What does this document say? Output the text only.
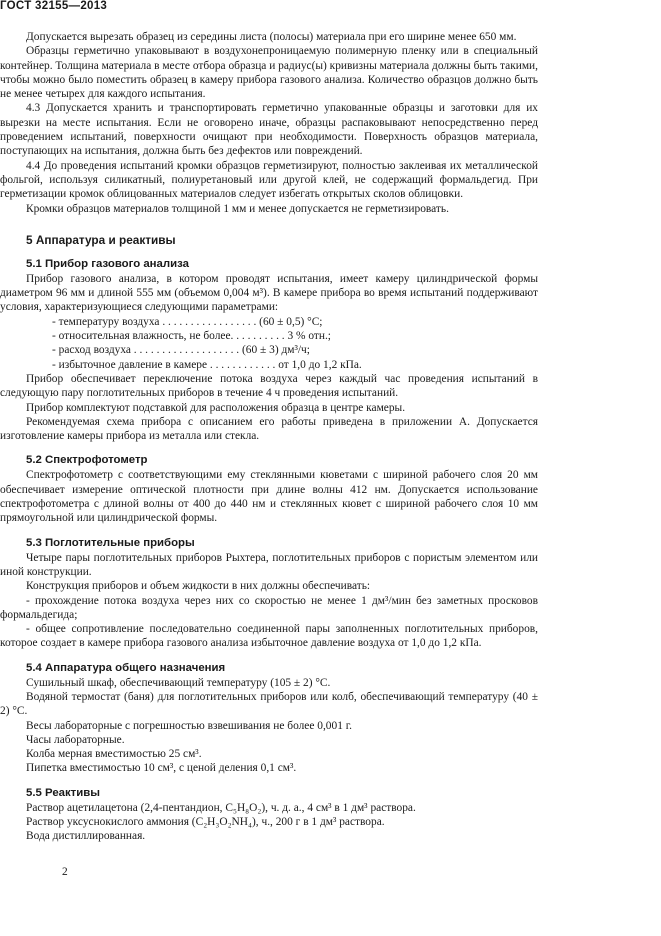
ГОСТ 32155—2013

Допускается вырезать образец из середины листа (полосы) материала при его ширине менее 650 мм.

Образцы герметично упаковывают в воздухонепроницаемую полимерную пленку или в специальный контейнер. Толщина материала в месте отбора образца и радиус(ы) кривизны материала должны быть такими, чтобы можно было поместить образец в камеру прибора газового анализа. Количество образцов должно быть не менее четырех для каждого испытания.

4.3 Допускается хранить и транспортировать герметично упакованные образцы и заготовки для их вырезки на месте испытания. Если не оговорено иначе, образцы распаковывают непосредственно перед проведением испытаний, поверхности очищают при необходимости. Поверхность образцов материала, поступающих на испытания, должна быть без дефектов или повреждений.

4.4 До проведения испытаний кромки образцов герметизируют, полностью заклеивая их металлической фольгой, используя силикатный, полиуретановый или другой клей, не содержащий формальдегид. При герметизации кромок облицованных материалов следует избегать открытых сколов облицовки.

Кромки образцов материалов толщиной 1 мм и менее допускается не герметизировать.

5 Аппаратура и реактивы
5.1 Прибор газового анализа

Прибор газового анализа, в котором проводят испытания, имеет камеру цилиндрической формы диаметром 96 мм и длиной 555 мм (объемом 0,004 м³). В камере прибора во время испытаний поддерживают условия, характеризующиеся следующими параметрами:

- температуру воздуха . . . . . . . . . . . . . . . . . (60 ± 0,5) °С;
- относительная влажность, не более. . . . . . . . . . 3 % отн.;
- расход воздуха . . . . . . . . . . . . . . . . . . . (60 ± 3) дм³/ч;
- избыточное давление в камере . . . . . . . . . . . . от 1,0 до 1,2 кПа.

Прибор обеспечивает переключение потока воздуха через каждый час проведения испытаний в следующую пару поглотительных приборов в течение 4 ч проведения испытаний.

Прибор комплектуют подставкой для расположения образца в центре камеры.

Рекомендуемая схема прибора с описанием его работы приведена в приложении А. Допускается изготовление камеры прибора из металла или стекла.

5.2 Спектрофотометр

Спектрофотометр с соответствующими ему стеклянными кюветами с шириной рабочего слоя 20 мм обеспечивает измерение оптической плотности при длине волны 412 нм. Допускается использование спектрофотометра с длиной волны от 400 до 440 нм и стеклянных кювет с шириной рабочего слоя 10 мм прямоугольной или цилиндрической формы.

5.3 Поглотительные приборы

Четыре пары поглотительных приборов Рыхтера, поглотительных приборов с пористым элементом или иной конструкции.

Конструкция приборов и объем жидкости в них должны обеспечивать:

- прохождение потока воздуха через них со скоростью не менее 1 дм³/мин без заметных просковов формальдегида;

- общее сопротивление последовательно соединенной пары заполненных поглотительных приборов, которое создает в камере прибора газового анализа избыточное давление воздуха от 1,0 до 1,2 кПа.

5.4 Аппаратура общего назначения

Сушильный шкаф, обеспечивающий температуру (105 ± 2) °С.

Водяной термостат (баня) для поглотительных приборов или колб, обеспечивающий температуру (40 ± 2) °С.

Весы лабораторные с погрешностью взвешивания не более 0,001 г.

Часы лабораторные.

Колба мерная вместимостью 25 см³.

Пипетка вместимостью 10 см³, с ценой деления 0,1 см³.

5.5 Реактивы

Раствор ацетилацетона (2,4-пентандион, C₅H₈O₂), ч. д. а., 4 см³ в 1 дм³ раствора.

Раствор уксуснокислого аммония (C₂H₃O₂NH₄), ч., 200 г в 1 дм³ раствора.

Вода дистиллированная.

2
